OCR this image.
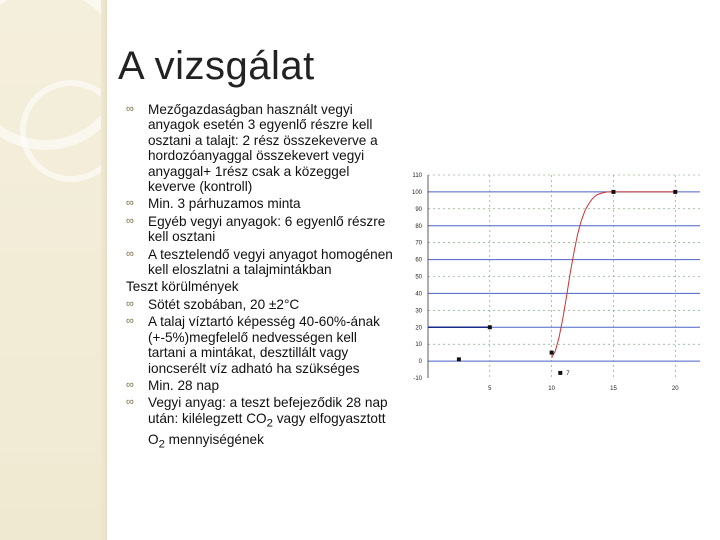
A vizsgálat
∞	Mezőgazdaságban használt vegyi anyagok esetén 3 egyenlő részre kell osztani a talajt: 2 rész összekeverve a hordozóanyaggal összekevert vegyi anyaggal+ 1rész csak a közeggel keverve (kontroll)
∞	Min. 3 párhuzamos minta
∞	Egyéb vegyi anyagok: 6 egyenlő részre kell osztani
∞	A tesztelendő vegyi anyagot homogénen kell eloszlatni a talajmintákban
Teszt körülmények
∞	Sötét szobában, 20 ±2°C
∞	A talaj víztartó képesség 40-60%-ának (+-5%)megfelelő nedvességen kell tartani a mintákat, desztillált vagy ioncserélt víz adható ha szükséges
∞	Min. 28 nap
∞	Vegyi anyag: a teszt befejeződik 28 nap után: kilélegzett $CO_2$ vagy elfogyasztott $O_2$ mennyiségének
110
100
90
80
70
60
50
40
30
20
10
0
-10
5	10	15	20
7
